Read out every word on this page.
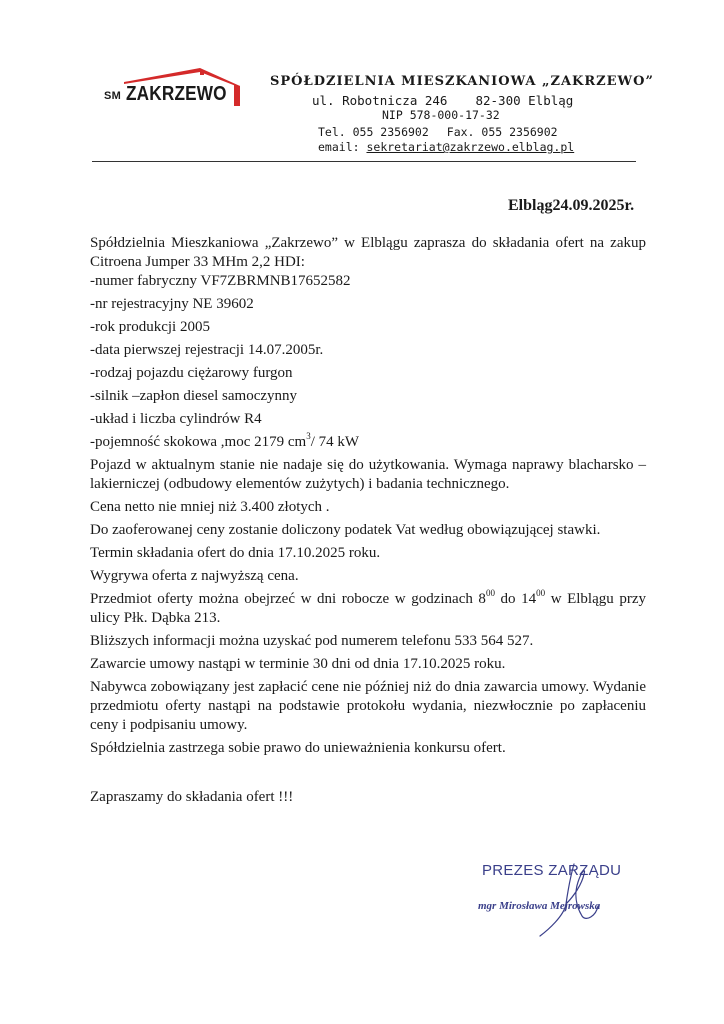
SM ZAKRZEWO
SPÓŁDZIELNIA MIESZKANIOWA „ZAKRZEWO”
ul. Robotnicza 246 82-300 Elbląg
NIP 578-000-17-32
Tel. 055 2356902 Fax. 055 2356902
email: sekretariat@zakrzewo.elblag.pl
Elbląg24.09.2025r.

Spółdzielnia Mieszkaniowa „Zakrzewo” w Elblągu zaprasza do składania ofert na zakup Citroena Jumper 33 MHm 2,2 HDI:

-numer fabryczny VF7ZBRMNB17652582

-nr rejestracyjny NE 39602

-rok produkcji 2005

-data pierwszej rejestracji 14.07.2005r.

-rodzaj pojazdu ciężarowy furgon

-silnik –zapłon diesel samoczynny

-układ i liczba cylindrów R4

-pojemność skokowa ,moc 2179 $cm^3/$ 74 kW

Pojazd w aktualnym stanie nie nadaje się do użytkowania. Wymaga naprawy blacharsko –lakierniczej (odbudowy elementów zużytych) i badania technicznego.

Cena netto nie mniej niż 3.400 złotych .

Do zaoferowanej ceny zostanie doliczony podatek Vat według obowiązującej stawki.

Termin składania ofert do dnia 17.10.2025 roku.

Wygrywa oferta z najwyższą cena.

Przedmiot oferty można obejrzeć w dni robocze w godzinach $8^{00}$ do $14^{00}$ w Elblągu przy ulicy Płk. Dąbka 213.

Bliższych informacji można uzyskać pod numerem telefonu 533 564 527.

Zawarcie umowy nastąpi w terminie 30 dni od dnia 17.10.2025 roku.

Nabywca zobowiązany jest zapłacić cene nie później niż do dnia zawarcia umowy. Wydanie przedmiotu oferty nastąpi na podstawie protokołu wydania, niezwłocznie po zapłaceniu ceny i podpisaniu umowy.

Spółdzielnia zastrzega sobie prawo do unieważnienia konkursu ofert.

Zapraszamy do składania ofert !!!

PREZES ZARZĄDU
mgr Mirosława Mejrowska
